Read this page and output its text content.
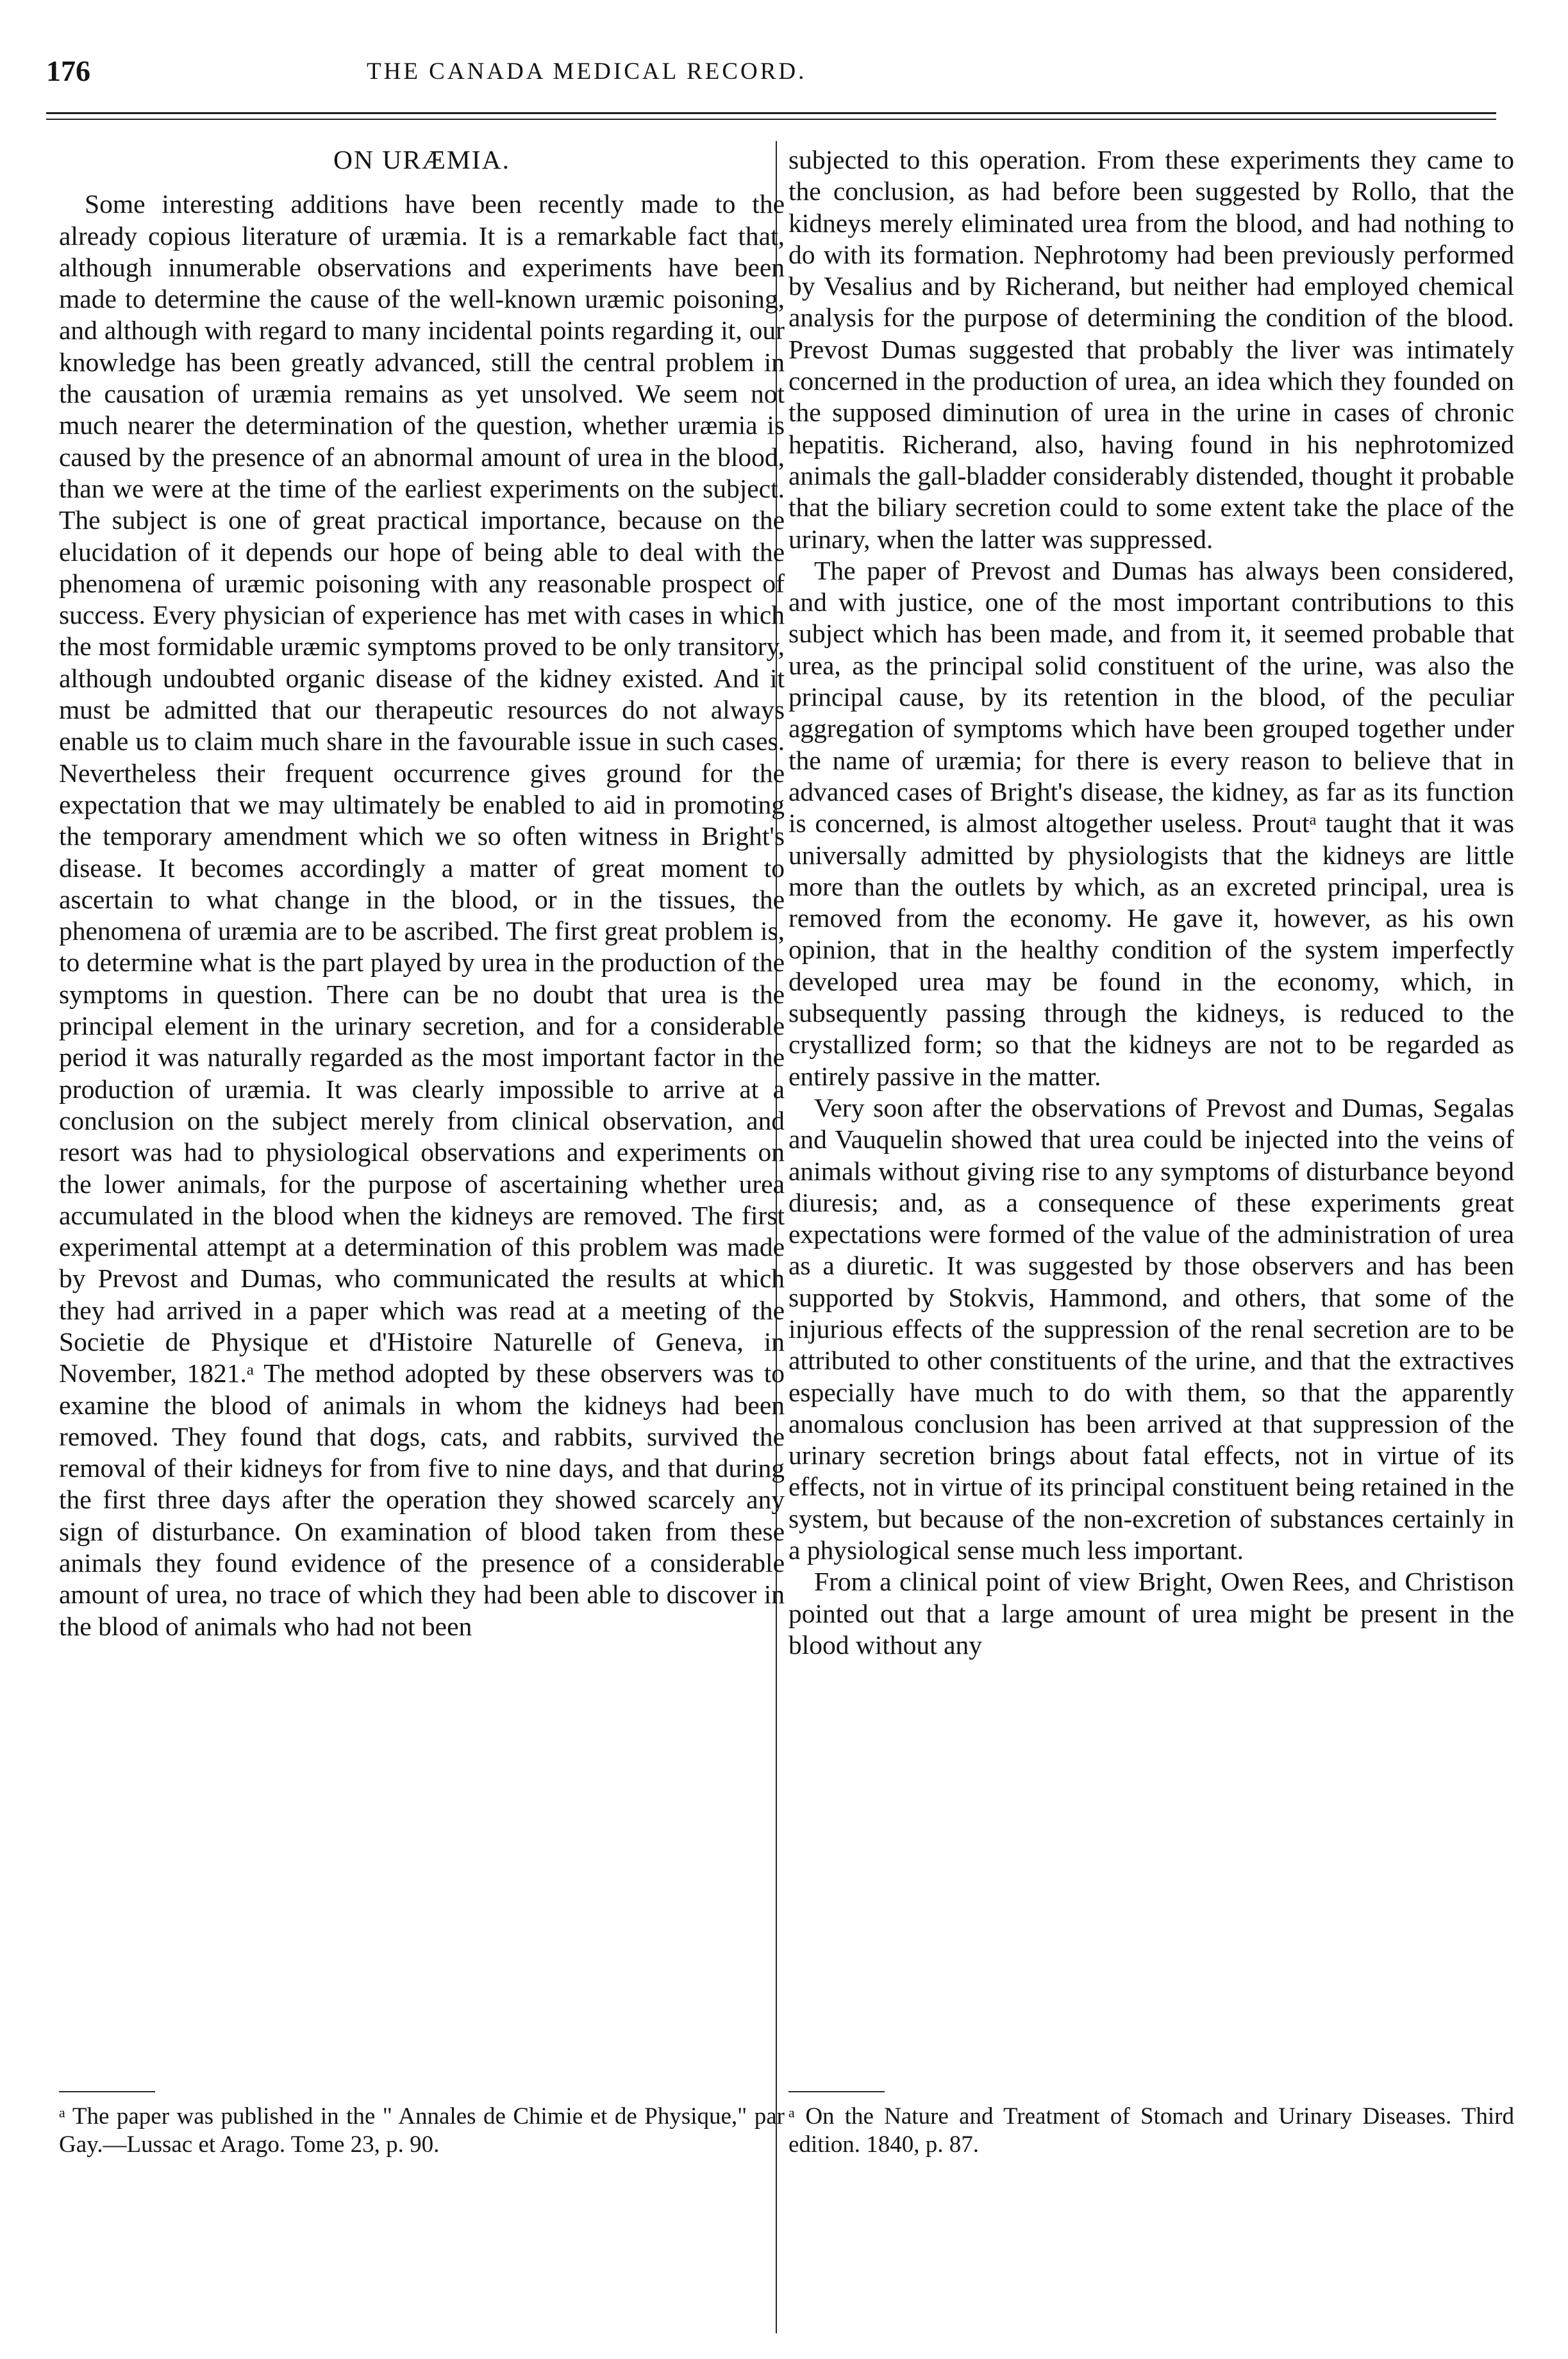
176	THE CANADA MEDICAL RECORD.
ON URÆMIA.

Some interesting additions have been recently made to the already copious literature of uræmia. It is a remarkable fact that, although innumerable observations and experiments have been made to determine the cause of the well-known uræmic poisoning, and although with regard to many incidental points regarding it, our knowledge has been greatly advanced, still the central problem in the causation of uræmia remains as yet unsolved. We seem not much nearer the determination of the question, whether uræmia is caused by the presence of an abnormal amount of urea in the blood, than we were at the time of the earliest experiments on the subject. The subject is one of great practical importance, because on the elucidation of it depends our hope of being able to deal with the phenomena of uræmic poisoning with any reasonable prospect of success. Every physician of experience has met with cases in which the most formidable uræmic symptoms proved to be only transitory, although undoubted organic disease of the kidney existed. And it must be admitted that our therapeutic resources do not always enable us to claim much share in the favourable issue in such cases. Nevertheless their frequent occurrence gives ground for the expectation that we may ultimately be enabled to aid in promoting the temporary amendment which we so often witness in Bright's disease. It becomes accordingly a matter of great moment to ascertain to what change in the blood, or in the tissues, the phenomena of uræmia are to be ascribed. The first great problem is, to determine what is the part played by urea in the production of the symptoms in question. There can be no doubt that urea is the principal element in the urinary secretion, and for a considerable period it was naturally regarded as the most important factor in the production of uræmia. It was clearly impossible to arrive at a conclusion on the subject merely from clinical observation, and resort was had to physiological observations and experiments on the lower animals, for the purpose of ascertaining whether urea accumulated in the blood when the kidneys are removed. The first experimental attempt at a determination of this problem was made by Prevost and Dumas, who communicated the results at which they had arrived in a paper which was read at a meeting of the Societie de Physique et d'Histoire Naturelle of Geneva, in November, 1821.ᵃ The method adopted by these observers was to examine the blood of animals in whom the kidneys had been removed. They found that dogs, cats, and rabbits, survived the removal of their kidneys for from five to nine days, and that during the first three days after the operation they showed scarcely any sign of disturbance. On examination of blood taken from these animals they found evidence of the presence of a considerable amount of urea, no trace of which they had been able to discover in the blood of animals who had not been

subjected to this operation. From these experiments they came to the conclusion, as had before been suggested by Rollo, that the kidneys merely eliminated urea from the blood, and had nothing to do with its formation. Nephrotomy had been previously performed by Vesalius and by Richerand, but neither had employed chemical analysis for the purpose of determining the condition of the blood. Prevost Dumas suggested that probably the liver was intimately concerned in the production of urea, an idea which they founded on the supposed diminution of urea in the urine in cases of chronic hepatitis. Richerand, also, having found in his nephrotomized animals the gall-bladder considerably distended, thought it probable that the biliary secretion could to some extent take the place of the urinary, when the latter was suppressed.

The paper of Prevost and Dumas has always been considered, and with justice, one of the most important contributions to this subject which has been made, and from it, it seemed probable that urea, as the principal solid constituent of the urine, was also the principal cause, by its retention in the blood, of the peculiar aggregation of symptoms which have been grouped together under the name of uræmia; for there is every reason to believe that in advanced cases of Bright's disease, the kidney, as far as its function is concerned, is almost altogether useless. Proutᵃ taught that it was universally admitted by physiologists that the kidneys are little more than the outlets by which, as an excreted principal, urea is removed from the economy. He gave it, however, as his own opinion, that in the healthy condition of the system imperfectly developed urea may be found in the economy, which, in subsequently passing through the kidneys, is reduced to the crystallized form; so that the kidneys are not to be regarded as entirely passive in the matter.

Very soon after the observations of Prevost and Dumas, Segalas and Vauquelin showed that urea could be injected into the veins of animals without giving rise to any symptoms of disturbance beyond diuresis; and, as a consequence of these experiments great expectations were formed of the value of the administration of urea as a diuretic. It was suggested by those observers and has been supported by Stokvis, Hammond, and others, that some of the injurious effects of the suppression of the renal secretion are to be attributed to other constituents of the urine, and that the extractives especially have much to do with them, so that the apparently anomalous conclusion has been arrived at that suppression of the urinary secretion brings about fatal effects, not in virtue of its effects, not in virtue of its principal constituent being retained in the system, but because of the non-excretion of substances certainly in a physiological sense much less important.

From a clinical point of view Bright, Owen Rees, and Christison pointed out that a large amount of urea might be present in the blood without any

ᵃ The paper was published in the " Annales de Chimie et de Physique," par Gay.—Lussac et Arago. Tome 23, p. 90.
ᵃ On the Nature and Treatment of Stomach and Urinary Diseases. Third edition. 1840, p. 87.
